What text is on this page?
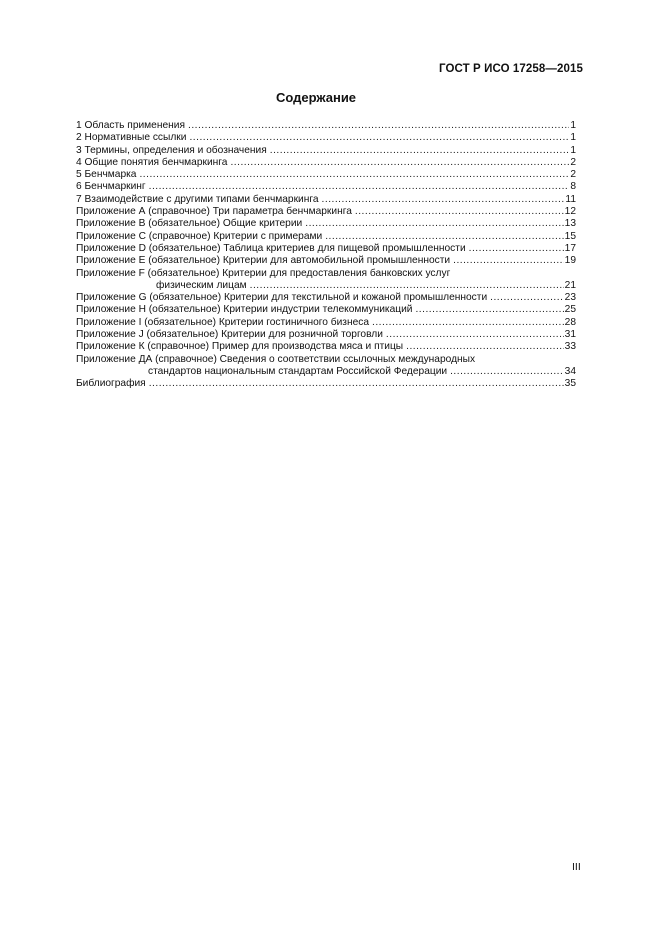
ГОСТ Р ИСО 17258—2015
Содержание
1 Область применения .....	1
2 Нормативные ссылки .....	1
3 Термины, определения и обозначения .....	1
4 Общие понятия бенчмаркинга .....	2
5 Бенчмарка .....	2
6 Бенчмаркинг .....	8
7 Взаимодействие с другими типами бенчмаркинга .....	11
Приложение А (справочное) Три параметра бенчмаркинга .....	12
Приложение В (обязательное) Общие критерии .....	13
Приложение С (справочное) Критерии с примерами .....	15
Приложение D (обязательное) Таблица критериев для пищевой промышленности .....	17
Приложение Е (обязательное) Критерии для автомобильной промышленности .....	19
Приложение F (обязательное) Критерии для предоставления банковских услуг
физическим лицам .....	21
Приложение G (обязательное) Критерии для текстильной и кожаной промышленности .....	23
Приложение Н (обязательное) Критерии индустрии телекоммуникаций .....	25
Приложение I (обязательное) Критерии гостиничного бизнеса .....	28
Приложение J (обязательное) Критерии для розничной торговли .....	31
Приложение К (справочное) Пример для производства мяса и птицы .....	33
Приложение ДА (справочное) Сведения о соответствии ссылочных международных
стандартов национальным стандартам Российской Федерации .....	34
Библиография .....	35
III
